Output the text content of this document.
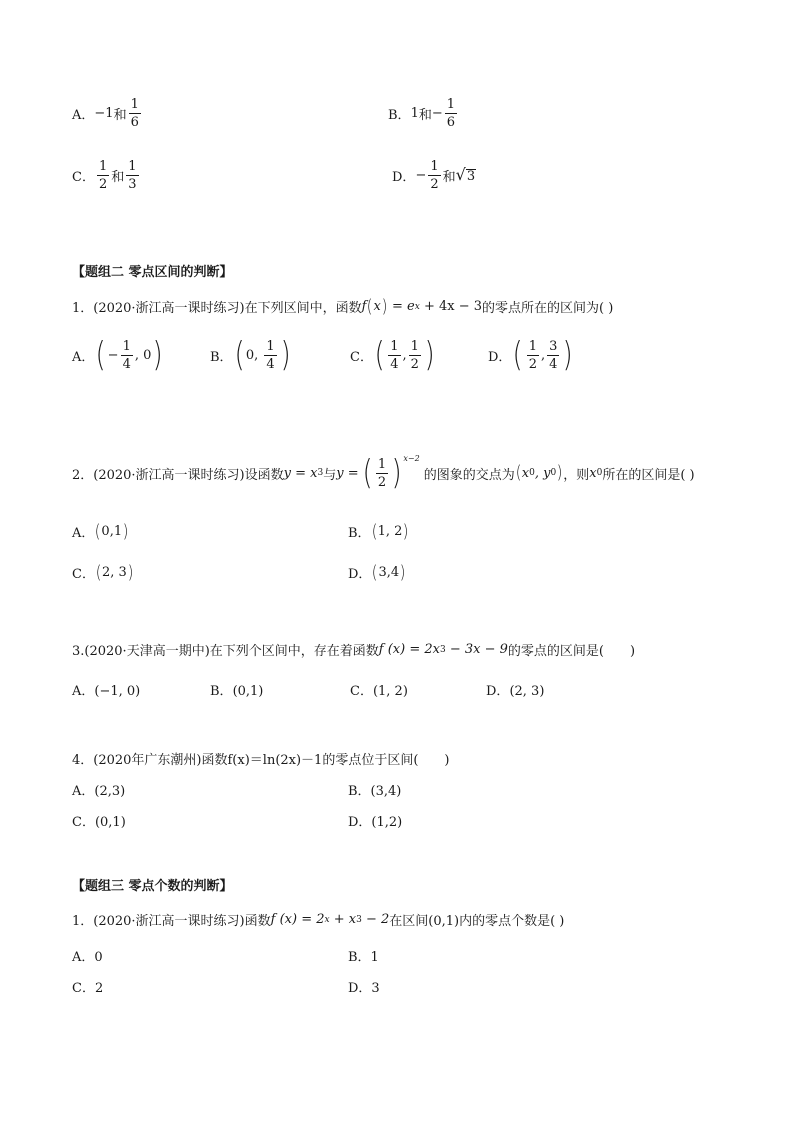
A． −1 和 $\frac{1}{6}$	B． 1 和 − $\frac{1}{6}$
C． $\frac{1}{2}$ 和 $\frac{1}{3}$	D． − $\frac{1}{2}$ 和 √ 3
【题组二 零点区间的判断】
1．(2020·浙江高一课时练习)在下列区间中，函数 f ( x ) = e x + 4x − 3 的零点所在的区间为( )
A． ( − $\frac{1}{4}$ , 0 )	B． ( 0, $\frac{1}{4}$ )	C． ( $\frac{1}{4}$ , $\frac{1}{2}$ )	D． ( $\frac{1}{2}$ , $\frac{3}{4}$ )
2．(2020·浙江高一课时练习)设函数 y = x 3 与 y = ( $\frac{1}{2}$ ) x−2
的图象的交点为 ( x 0 , y 0 ) ，则 x 0 所在的区间是( )
A． ( 0,1 )	B． ( 1, 2 )
C． ( 2, 3 )	D． ( 3,4 )
3.(2020·天津高一期中)在下列个区间中，存在着函数 f (x) = 2x 3 − 3x − 9 的零点的区间是(　　)
A．(−1, 0)	B．(0,1)	C．(1, 2)	D．(2, 3)
4．(2020年广东潮州)函数f(x)＝ln(2x)－1的零点位于区间(　　)
A．(2,3)	B．(3,4)
C．(0,1)	D．(1,2)
【题组三 零点个数的判断】
1．(2020·浙江高一课时练习)函数 f (x) = 2 x + x 3 − 2 在区间(0,1)内的零点个数是( )
A．0	B．1
C．2	D．3
